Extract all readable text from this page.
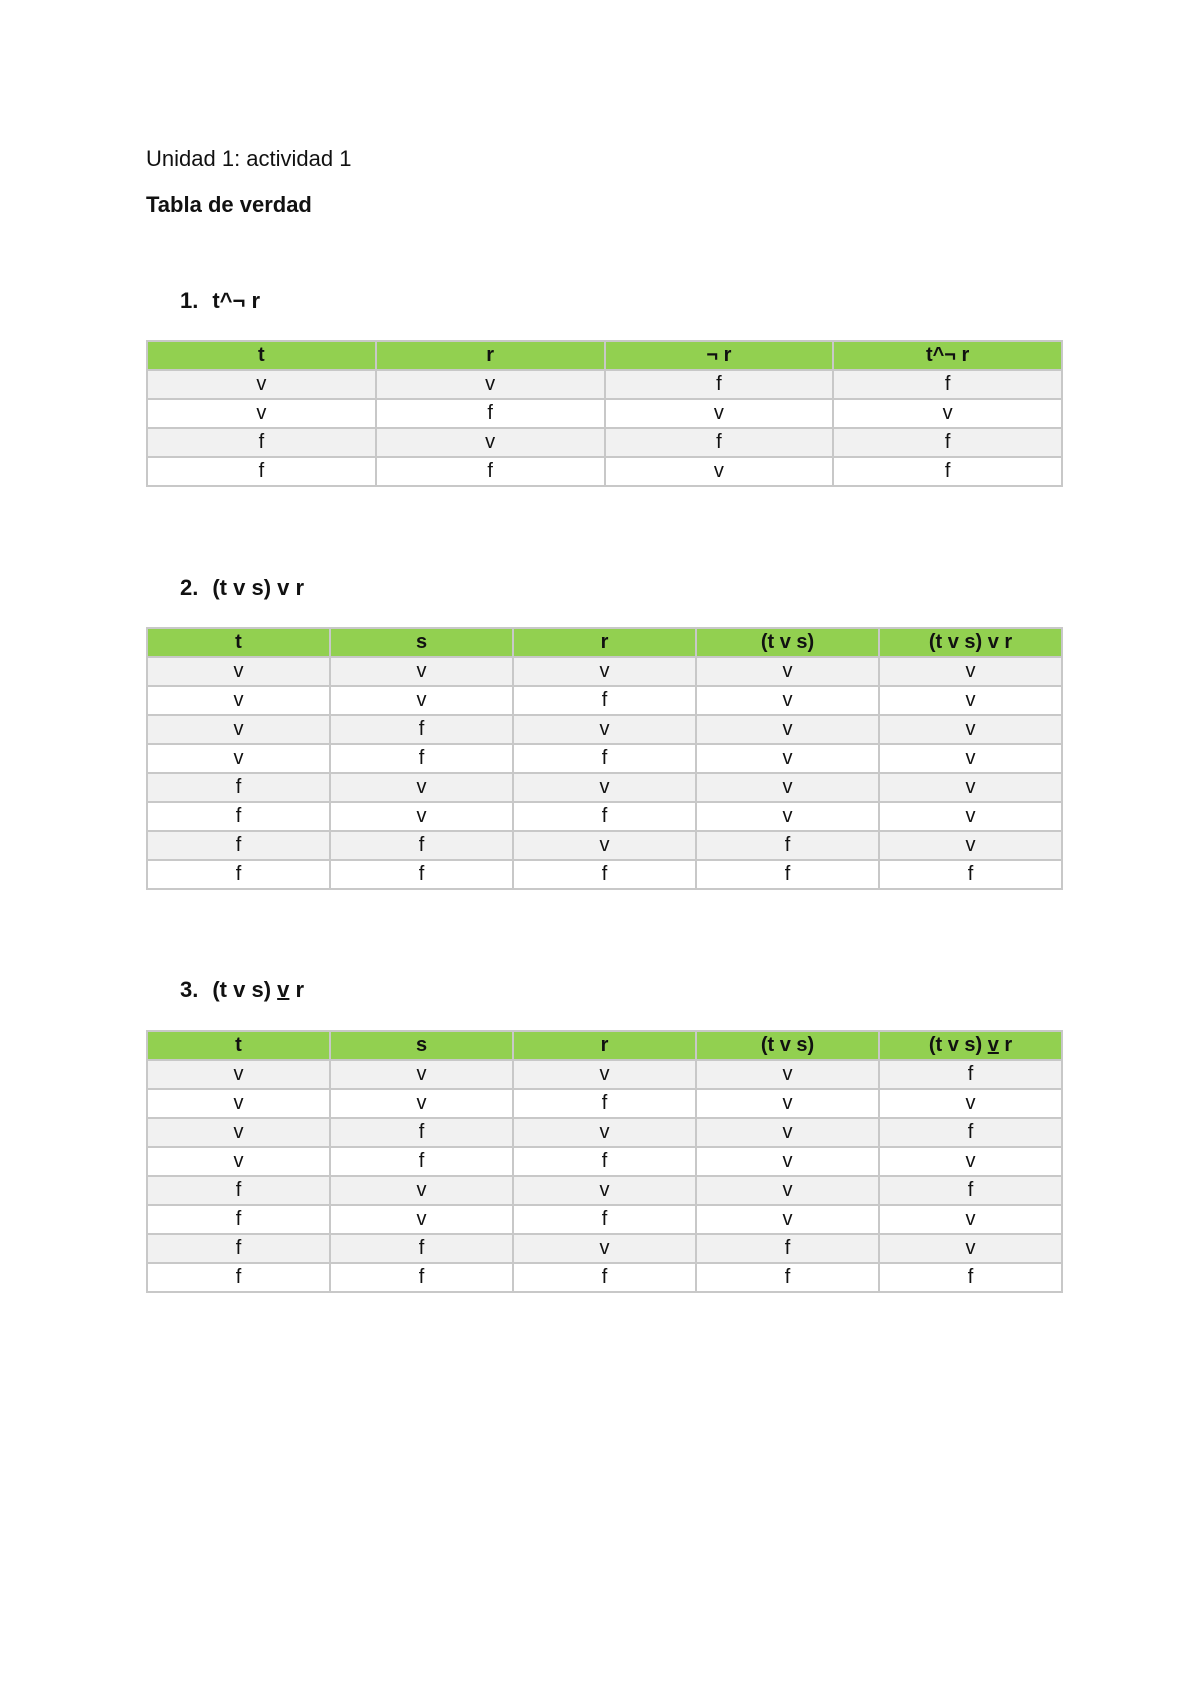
Unidad 1: actividad 1
Tabla de verdad
1. t^¬ r
t	r	¬ r	t^¬ r
v	v	f	f
v	f	v	v
f	v	f	f
f	f	v	f
2. (t v s) v r
t	s	r	(t v s)	(t v s) v r
v	v	v	v	v
v	v	f	v	v
v	f	v	v	v
v	f	f	v	v
f	v	v	v	v
f	v	f	v	v
f	f	v	f	v
f	f	f	f	f
3. (t v s) v r
t	s	r	(t v s)	(t v s) v r
v	v	v	v	f
v	v	f	v	v
v	f	v	v	f
v	f	f	v	v
f	v	v	v	f
f	v	f	v	v
f	f	v	f	v
f	f	f	f	f
